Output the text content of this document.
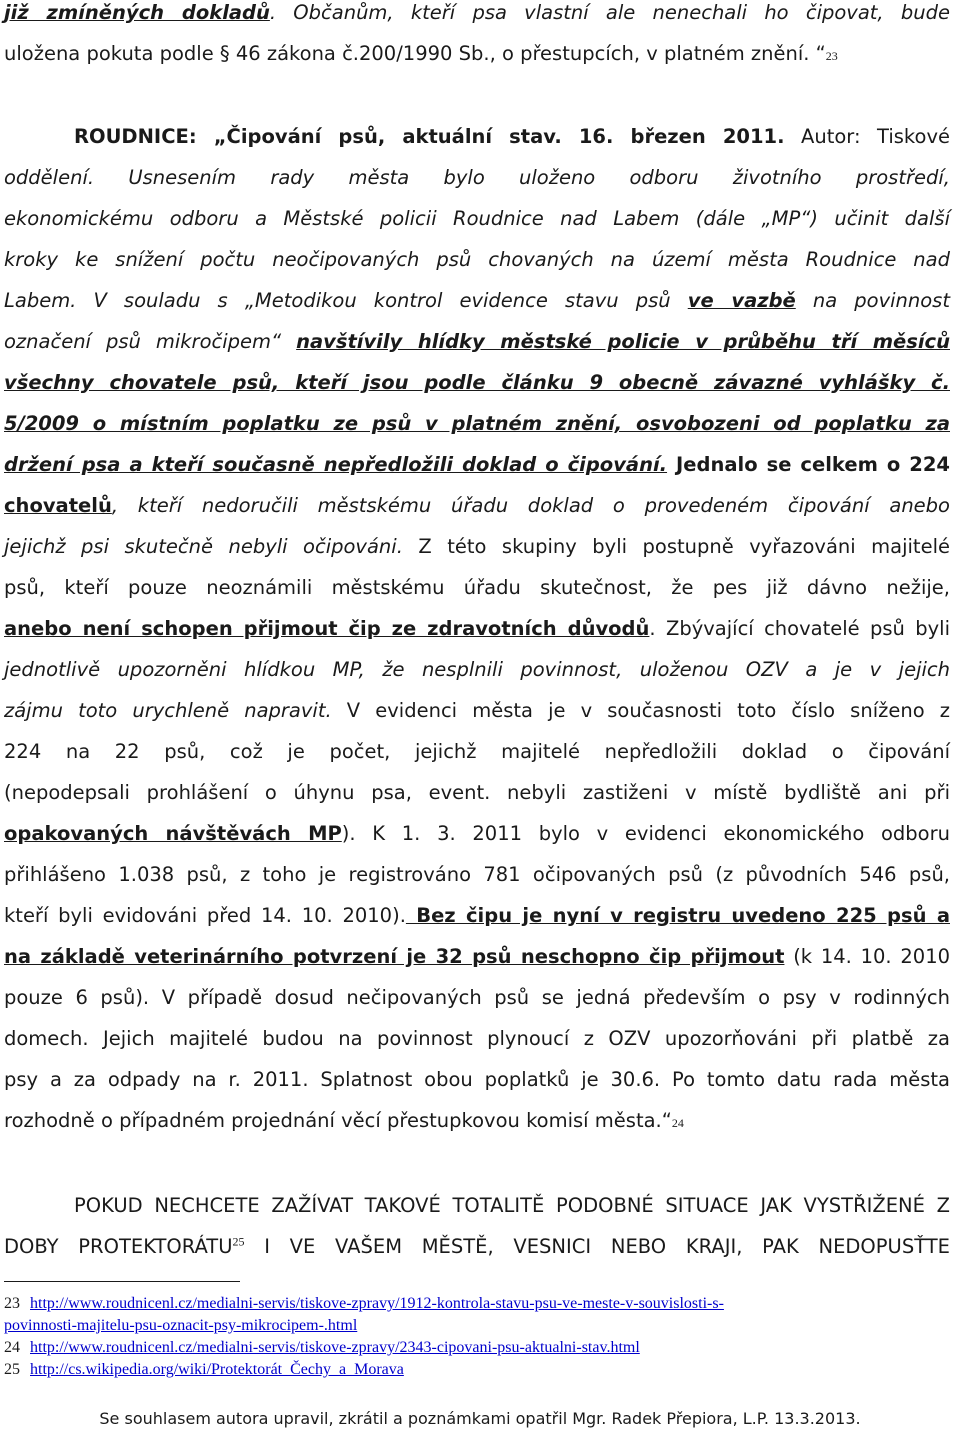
již zmíněných dokladů. Občanům, kteří psa vlastní ale nenechali ho čipovat, bude
uložena pokuta podle § 46 zákona č.200/1990 Sb., o přestupcích, v platném znění. “ 23
ROUDNICE: „Čipování psů, aktuální stav. 16. březen 2011. Autor: Tiskové
oddělení. Usnesením rady města bylo uloženo odboru životního prostředí,
ekonomickému odboru a Městské policii Roudnice nad Labem (dále „MP“) učinit další
kroky ke snížení počtu neočipovaných psů chovaných na území města Roudnice nad
Labem. V souladu s „Metodikou kontrol evidence stavu psů ve vazbě na povinnost
označení psů mikročipem“ navštívily hlídky městské policie v průběhu tří měsíců
všechny chovatele psů, kteří jsou podle článku 9 obecně závazné vyhlášky č.
5/2009 o místním poplatku ze psů v platném znění, osvobozeni od poplatku za
držení psa a kteří současně nepředložili doklad o čipování. Jednalo se celkem o 224
chovatelů, kteří nedoručili městskému úřadu doklad o provedeném čipování anebo
jejichž psi skutečně nebyli očipováni. Z této skupiny byli postupně vyřazováni majitelé
psů, kteří pouze neoznámili městskému úřadu skutečnost, že pes již dávno nežije,
anebo není schopen přijmout čip ze zdravotních důvodů. Zbývající chovatelé psů byli
jednotlivě upozorněni hlídkou MP, že nesplnili povinnost, uloženou OZV a je v jejich
zájmu toto urychleně napravit. V evidenci města je v současnosti toto číslo sníženo z
224 na 22 psů, což je počet, jejichž majitelé nepředložili doklad o čipování
(nepodepsali prohlášení o úhynu psa, event. nebyli zastiženi v místě bydliště ani při
opakovaných návštěvách MP). K 1. 3. 2011 bylo v evidenci ekonomického odboru
přihlášeno 1.038 psů, z toho je registrováno 781 očipovaných psů (z původních 546 psů,
kteří byli evidováni před 14. 10. 2010). Bez čipu je nyní v registru uvedeno 225 psů a
na základě veterinárního potvrzení je 32 psů neschopno čip přijmout (k 14. 10. 2010
pouze 6 psů). V případě dosud nečipovaných psů se jedná především o psy v rodinných
domech. Jejich majitelé budou na povinnost plynoucí z OZV upozorňováni při platbě za
psy a za odpady na r. 2011. Splatnost obou poplatků je 30.6. Po tomto datu rada města
rozhodně o případném projednání věcí přestupkovou komisí města.“ 24
POKUD NECHCETE ZAŽÍVAT TAKOVÉ TOTALITĚ PODOBNÉ SITUACE JAK VYSTŘIŽENÉ Z
DOBY PROTEKTORÁTU$^{25}$ I VE VAŠEM MĚSTĚ, VESNICI NEBO KRAJI, PAK NEDOPUSŤTE
23 http://www.roudnicenl.cz/medialni-servis/tiskove-zpravy/1912-kontrola-stavu-psu-ve-meste-v-souvislosti-s-
povinnosti-majitelu-psu-oznacit-psy-mikrocipem-.html
24 http://www.roudnicenl.cz/medialni-servis/tiskove-zpravy/2343-cipovani-psu-aktualni-stav.html
25 http://cs.wikipedia.org/wiki/Protektorát_Čechy_a_Morava
Se souhlasem autora upravil, zkrátil a poznámkami opatřil Mgr. Radek Přepiora, L.P. 13.3.2013.
